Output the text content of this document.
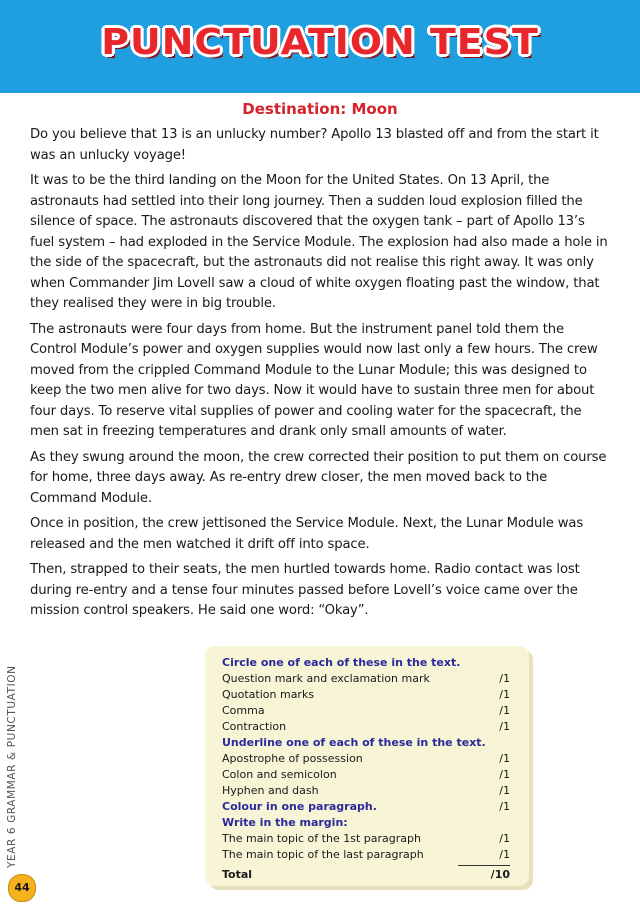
PUNCTUATION TEST
Destination: Moon

Do you believe that 13 is an unlucky number? Apollo 13 blasted off and from the start it was an unlucky voyage!

It was to be the third landing on the Moon for the United States. On 13 April, the astronauts had settled into their long journey. Then a sudden loud explosion filled the silence of space. The astronauts discovered that the oxygen tank – part of Apollo 13’s fuel system – had exploded in the Service Module. The explosion had also made a hole in the side of the spacecraft, but the astronauts did not realise this right away. It was only when Commander Jim Lovell saw a cloud of white oxygen floating past the window, that they realised they were in big trouble.

The astronauts were four days from home. But the instrument panel told them the Control Module’s power and oxygen supplies would now last only a few hours. The crew moved from the crippled Command Module to the Lunar Module; this was designed to keep the two men alive for two days. Now it would have to sustain three men for about four days. To reserve vital supplies of power and cooling water for the spacecraft, the men sat in freezing temperatures and drank only small amounts of water.

As they swung around the moon, the crew corrected their position to put them on course for home, three days away. As re-entry drew closer, the men moved back to the Command Module.

Once in position, the crew jettisoned the Service Module. Next, the Lunar Module was released and the men watched it drift off into space.

Then, strapped to their seats, the men hurtled towards home. Radio contact was lost during re-entry and a tense four minutes passed before Lovell’s voice came over the mission control speakers. He said one word: “Okay”.

YEAR 6 GRAMMAR & PUNCTUATION
44
Circle one of each of these in the text.
Question mark and exclamation mark	/1
Quotation marks	/1
Comma	/1
Contraction	/1
Underline one of each of these in the text.
Apostrophe of possession	/1
Colon and semicolon	/1
Hyphen and dash	/1
Colour in one paragraph.	/1
Write in the margin:
The main topic of the 1st paragraph	/1
The main topic of the last paragraph	/1
Total	/10
